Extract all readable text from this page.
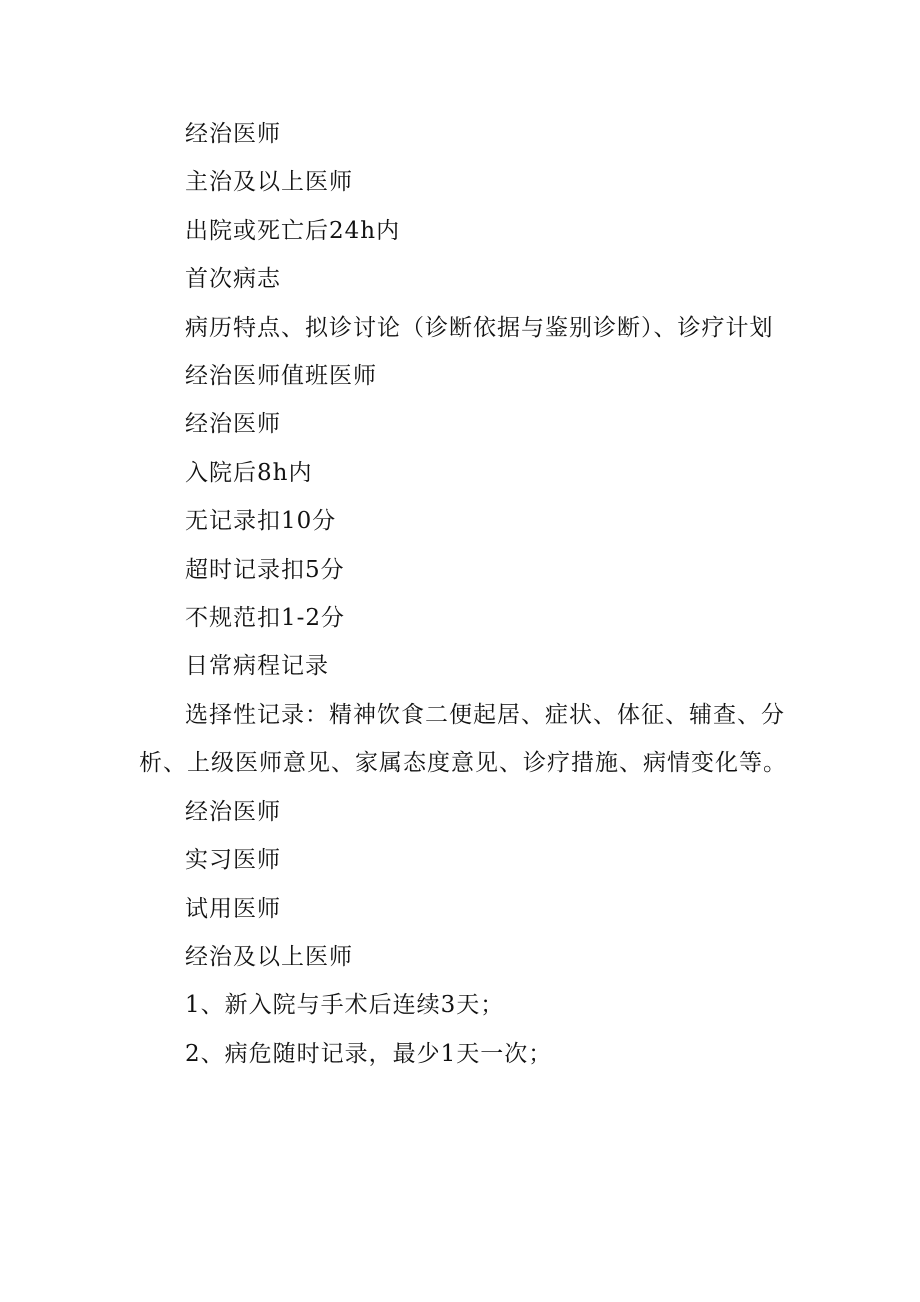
经治医师

主治及以上医师

出院或死亡后24h内

首次病志

病历特点、拟诊讨论（诊断依据与鉴别诊断）、诊疗计划

经治医师值班医师

经治医师

入院后8h内

无记录扣10分

超时记录扣5分

不规范扣1-2分

日常病程记录

选择性记录：精神饮食二便起居、症状、体征、辅查、分析、上级医师意见、家属态度意见、诊疗措施、病情变化等。

经治医师

实习医师

试用医师

经治及以上医师

1、新入院与手术后连续3天；

2、病危随时记录，最少1天一次；
